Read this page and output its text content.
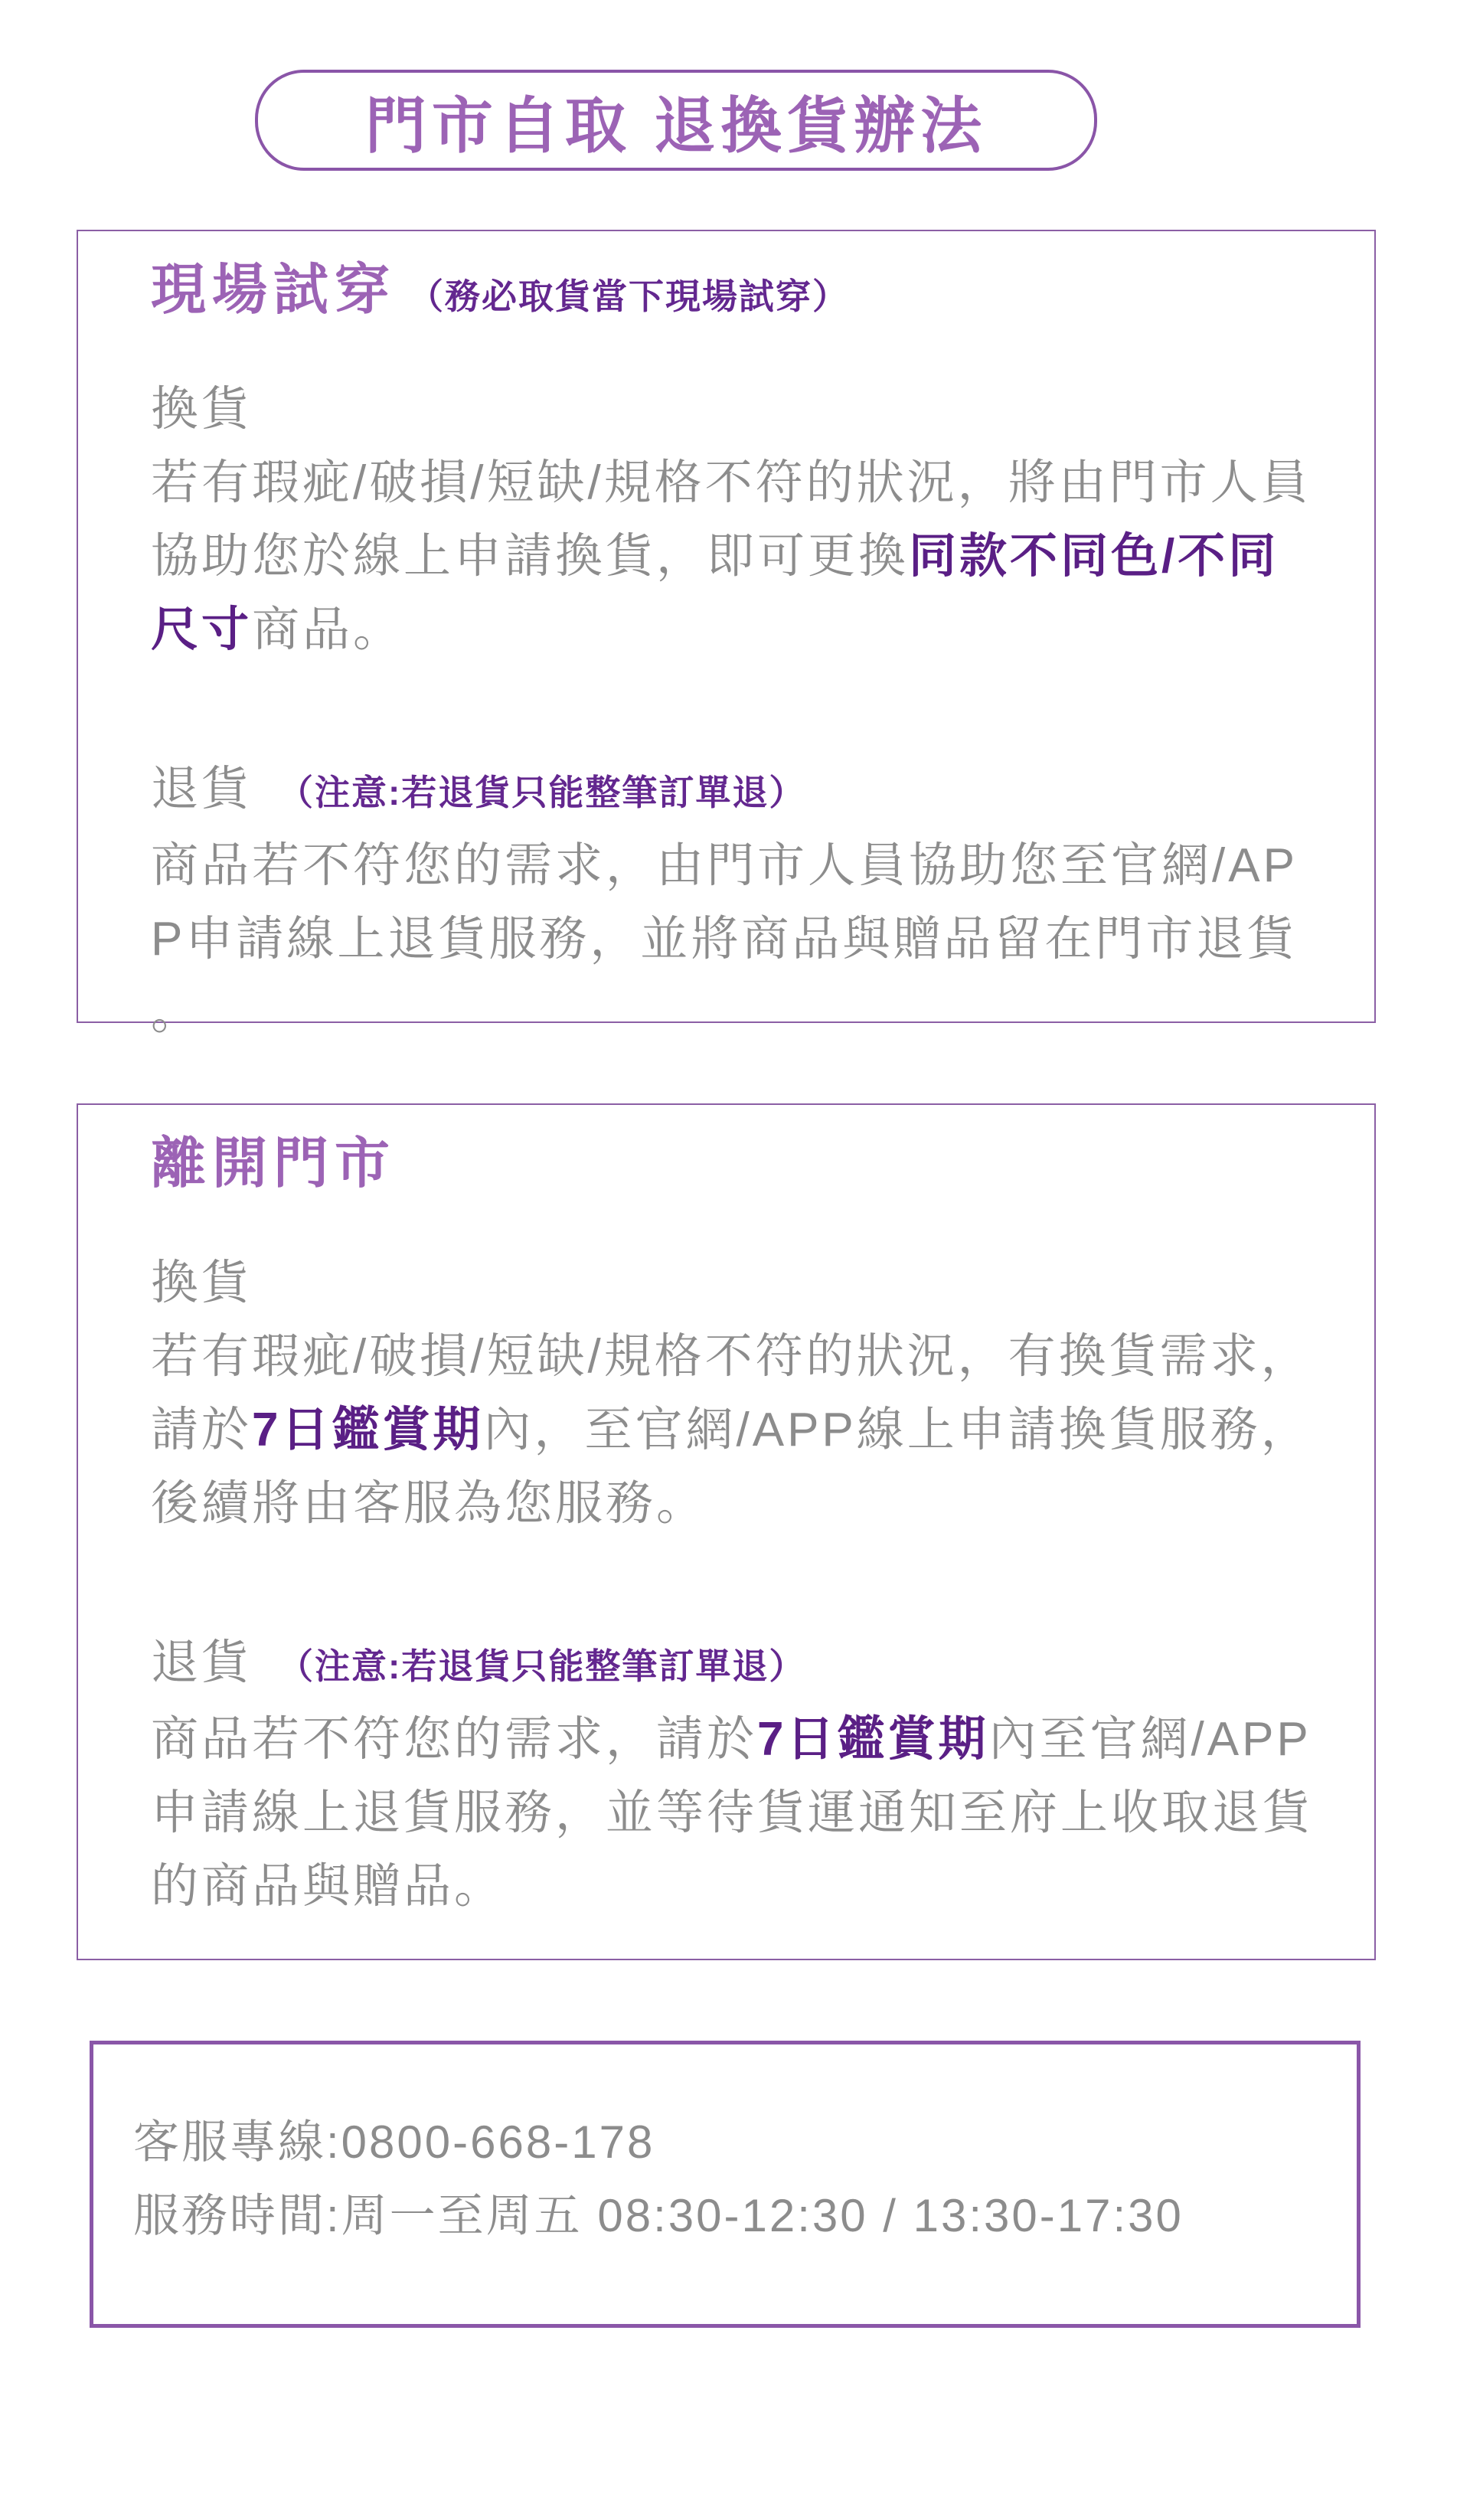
門市自取 退換貨辦法
現場試穿 （務必取貨當下現場試穿）
換貨
若有瑕疵/破損/短缺/規格不符的狀況，將由門市人員協助您於線上申請換貨，即可更換同款不同色/不同尺寸商品。
退貨 （注意:若退貨只能整筆訂單退）
商品若不符您的需求，由門市人員協助您至官網/APP申請線上退貨服務，並將商品與贈品留在門市退貨。
離開門市
換貨
若有瑕疵/破損/短缺/規格不符的狀況，有換貨需求，請於7日鑑賞期內，至官網/APP線上申請換貨服務，後續將由客服為您服務。
退貨 （注意:若退貨只能整筆訂單退）
商品若不符您的需求，請於7日鑑賞期內至官網/APP申請線上退貨服務，並等待貨運通知至府上收取退貨的商品與贈品。
客服專線:0800-668-178
服務時間:周一至周五 08:30-12:30 / 13:30-17:30
